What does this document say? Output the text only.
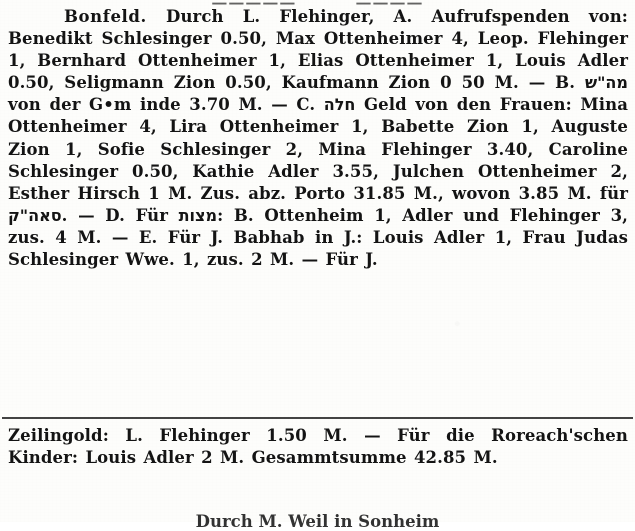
—————         ————

Bonfeld. Durch L. Flehinger, A. Aufrufspenden von: Benedikt Schlesinger 0.50, Max Ottenheimer 4, Leop. Flehinger 1, Bernhard Ottenheimer 1, Elias Ottenheimer 1, Louis Adler 0.50, Seligmann Zion 0.50, Kaufmann Zion 0 50 M. — B. מה"ש von der G•m inde 3.70 M. — C. חלה Geld von den Frauen: Mina Ottenheimer 4, Lira Ottenheimer 1, Babette Zion 1, Auguste Zion 1, Sofie Schlesinger 2, Mina Flehinger 3.40, Caroline Schlesinger 0.50, Kathie Adler 3.55, Julchen Ottenheimer 2, Esther Hirsch 1 M. Zus. abz. Porto 31.85 M., wovon 3.85 M. für סאה"ק. — D. Für מצות: B. Ottenheim 1, Adler und Flehinger 3, zus. 4 M. — E. Für J. Babhab in J.: Louis Adler 1, Frau Judas Schlesinger Wwe. 1, zus. 2 M. — Für J.

Zeilingold: L. Flehinger 1.50 M. — Für die Roreach'schen Kinder: Louis Adler 2 M. Gesammtsumme 42.85 M.

Durch M. Weil in Sonheim
